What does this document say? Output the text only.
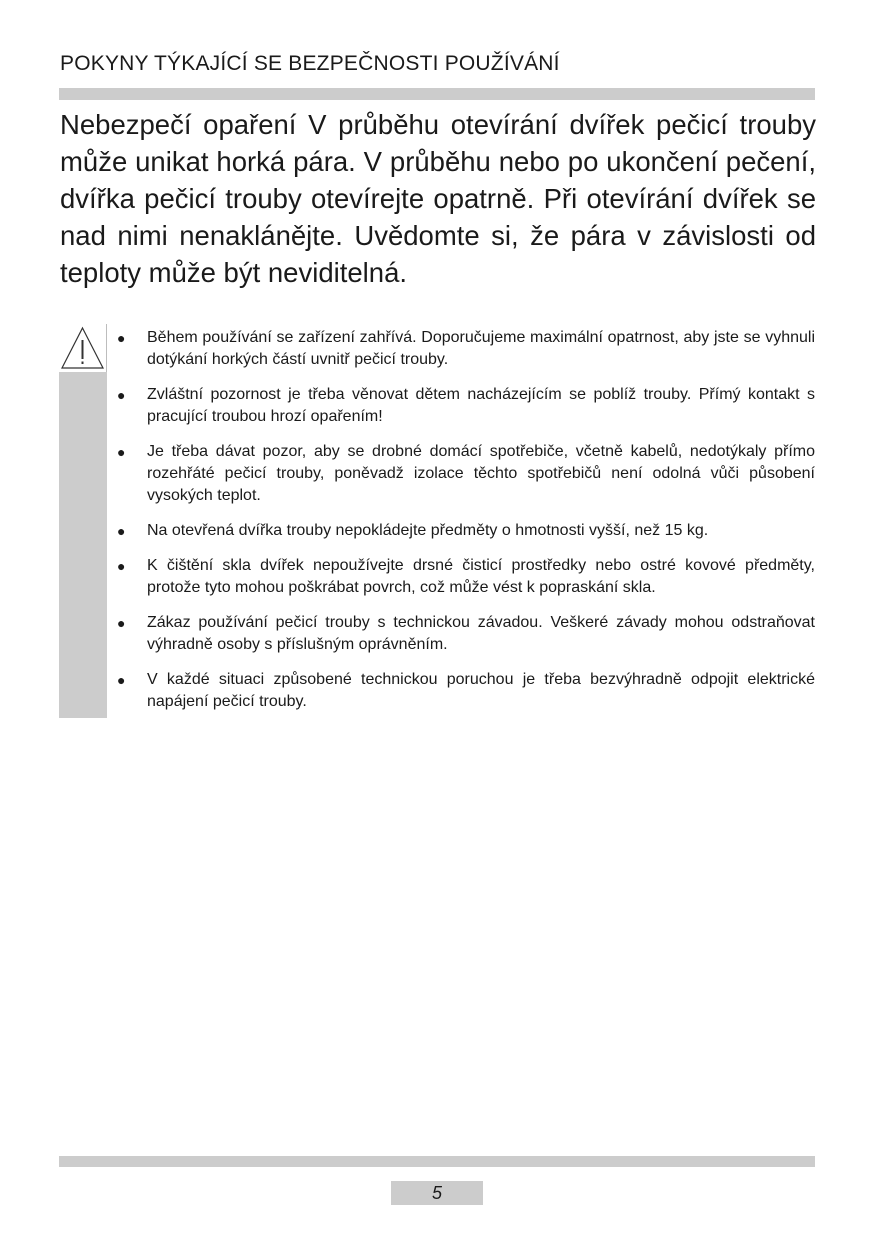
POKYNY TÝKAJÍCÍ SE BEZPEČNOSTI POUŽÍVÁNÍ

Nebezpečí opaření V průběhu otevírání dvířek pečicí trouby může unikat horká pára. V průběhu nebo po ukončení pečení, dvířka pečicí trouby otevírejte opatrně. Při otevírání dvířek se nad nimi nenaklánějte. Uvědomte si, že pára v závislosti od teploty může být neviditelná.

● Během používání se zařízení zahřívá. Doporučujeme maximální opatrnost, aby jste se vyhnuli dotýkání horkých částí uvnitř pečicí trouby.
● Zvláštní pozornost je třeba věnovat dětem nacházejícím se poblíž trouby. Přímý kontakt s pracující troubou hrozí opařením!
● Je třeba dávat pozor, aby se drobné domácí spotřebiče, včetně kabelů, nedotýkaly přímo rozehřáté pečicí trouby, poněvadž izolace těchto spotřebičů není odolná vůči působení vysokých teplot.
● Na otevřená dvířka trouby nepokládejte předměty o hmotnosti vyšší, než 15 kg.
● K čištění skla dvířek nepoužívejte drsné čisticí prostředky nebo ostré kovové předměty, protože tyto mohou poškrábat povrch, což může vést k popraskání skla.
● Zákaz používání pečicí trouby s technickou závadou. Veškeré závady mohou odstraňovat výhradně osoby s příslušným oprávněním.
● V každé situaci způsobené technickou poruchou je třeba bezvýhradně odpojit elektrické napájení pečicí trouby.
5
